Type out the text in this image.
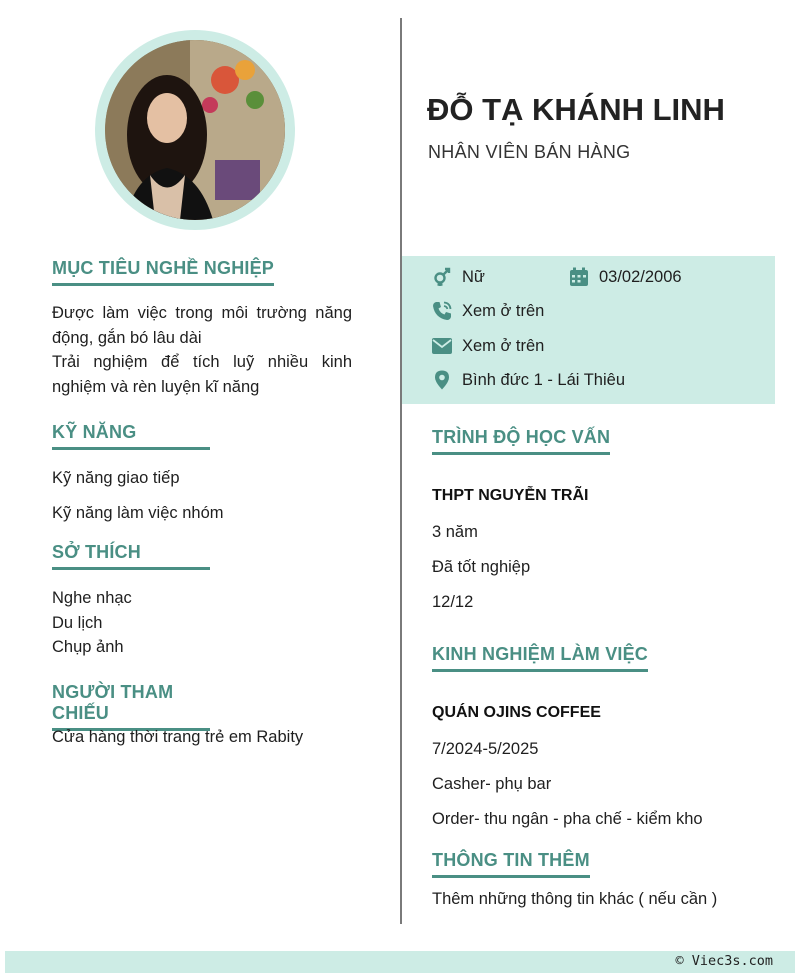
MỤC TIÊU NGHỀ NGHIỆP
Được làm việc trong môi trường năng động, gắn bó lâu dài
Trải nghiệm để tích luỹ nhiều kinh nghiệm và rèn luyện kĩ năng
KỸ NĂNG
Kỹ năng giao tiếp
Kỹ năng làm việc nhóm
SỞ THÍCH
Nghe nhạc
Du lịch
Chụp ảnh
NGƯỜI THAM CHIẾU
Cửa hàng thời trang trẻ em Rabity
ĐỖ TẠ KHÁNH LINH
NHÂN VIÊN BÁN HÀNG
Nữ	03/02/2006
Xem ở trên
Xem ở trên
Bình đức 1 - Lái Thiêu
TRÌNH ĐỘ HỌC VẤN
THPT NGUYỄN TRÃI
3 năm
Đã tốt nghiệp
12/12
KINH NGHIỆM LÀM VIỆC
QUÁN OJINS COFFEE
7/2024-5/2025
Casher- phụ bar
Order- thu ngân - pha chế - kiểm kho
THÔNG TIN THÊM
Thêm những thông tin khác ( nếu cần )
© Viec3s.com
